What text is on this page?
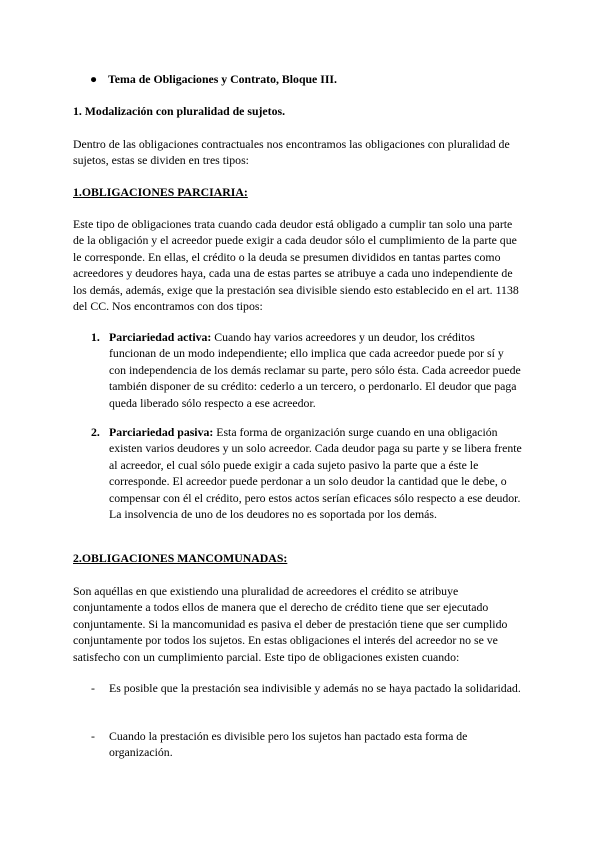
● Tema de Obligaciones y Contrato, Bloque III.

1. Modalización con pluralidad de sujetos.

Dentro de las obligaciones contractuales nos encontramos las obligaciones con pluralidad de sujetos, estas se dividen en tres tipos:

1.OBLIGACIONES PARCIARIA:

Este tipo de obligaciones trata cuando cada deudor está obligado a cumplir tan solo una parte de la obligación y el acreedor puede exigir a cada deudor sólo el cumplimiento de la parte que le corresponde. En ellas, el crédito o la deuda se presumen divididos en tantas partes como acreedores y deudores haya, cada una de estas partes se atribuye a cada uno independiente de los demás, además, exige que la prestación sea divisible siendo esto establecido en el art. 1138 del CC. Nos encontramos con dos tipos:

1. Parciariedad activa: Cuando hay varios acreedores y un deudor, los créditos funcionan de un modo independiente; ello implica que cada acreedor puede por sí y con independencia de los demás reclamar su parte, pero sólo ésta. Cada acreedor puede también disponer de su crédito: cederlo a un tercero, o perdonarlo. El deudor que paga queda liberado sólo respecto a ese acreedor.
2. Parciariedad pasiva: Esta forma de organización surge cuando en una obligación existen varios deudores y un solo acreedor. Cada deudor paga su parte y se libera frente al acreedor, el cual sólo puede exigir a cada sujeto pasivo la parte que a éste le corresponde. El acreedor puede perdonar a un solo deudor la cantidad que le debe, o compensar con él el crédito, pero estos actos serían eficaces sólo respecto a ese deudor. La insolvencia de uno de los deudores no es soportada por los demás.

2.OBLIGACIONES MANCOMUNADAS:

Son aquéllas en que existiendo una pluralidad de acreedores el crédito se atribuye conjuntamente a todos ellos de manera que el derecho de crédito tiene que ser ejecutado conjuntamente. Si la mancomunidad es pasiva el deber de prestación tiene que ser cumplido conjuntamente por todos los sujetos. En estas obligaciones el interés del acreedor no se ve satisfecho con un cumplimiento parcial. Este tipo de obligaciones existen cuando:

- Es posible que la prestación sea indivisible y además no se haya pactado la solidaridad.
- Cuando la prestación es divisible pero los sujetos han pactado esta forma de organización.
